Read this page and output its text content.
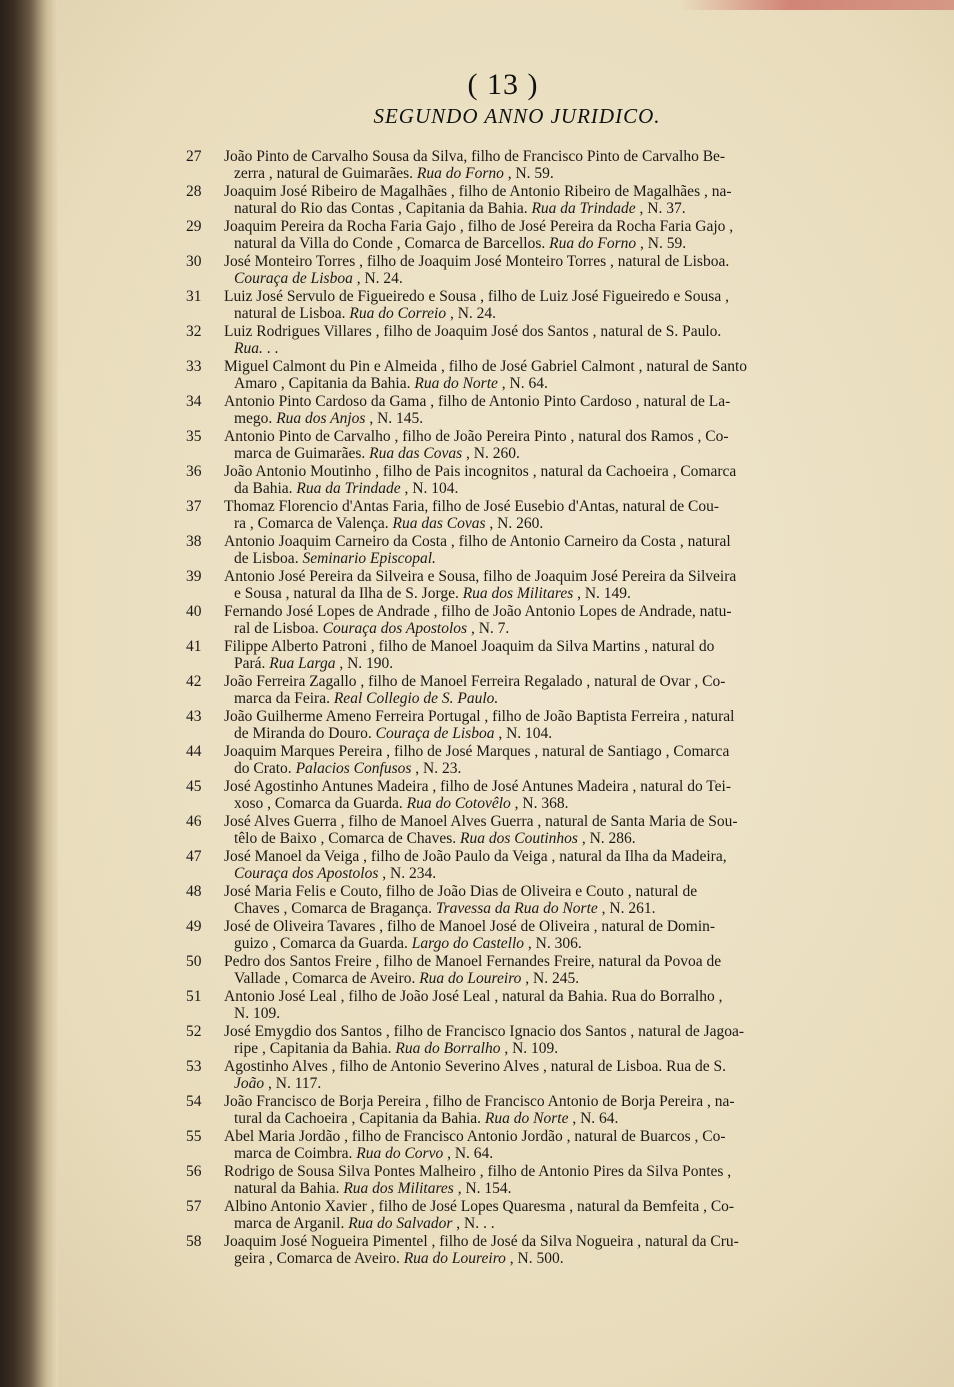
( 13 )
SEGUNDO ANNO JURIDICO.
27	João Pinto de Carvalho Sousa da Silva, filho de Francisco Pinto de Carvalho Be-
zerra , natural de Guimarães. Rua do Forno , N. 59.
28	Joaquim José Ribeiro de Magalhães , filho de Antonio Ribeiro de Magalhães , na-
natural do Rio das Contas , Capitania da Bahia. Rua da Trindade , N. 37.
29	Joaquim Pereira da Rocha Faria Gajo , filho de José Pereira da Rocha Faria Gajo ,
natural da Villa do Conde , Comarca de Barcellos. Rua do Forno , N. 59.
30	José Monteiro Torres , filho de Joaquim José Monteiro Torres , natural de Lisboa.
Couraça de Lisboa , N. 24.
31	Luiz José Servulo de Figueiredo e Sousa , filho de Luiz José Figueiredo e Sousa ,
natural de Lisboa. Rua do Correio , N. 24.
32	Luiz Rodrigues Villares , filho de Joaquim José dos Santos , natural de S. Paulo.
Rua. . .
33	Miguel Calmont du Pin e Almeida , filho de José Gabriel Calmont , natural de Santo
Amaro , Capitania da Bahia. Rua do Norte , N. 64.
34	Antonio Pinto Cardoso da Gama , filho de Antonio Pinto Cardoso , natural de La-
mego. Rua dos Anjos , N. 145.
35	Antonio Pinto de Carvalho , filho de João Pereira Pinto , natural dos Ramos , Co-
marca de Guimarães. Rua das Covas , N. 260.
36	João Antonio Moutinho , filho de Pais incognitos , natural da Cachoeira , Comarca
da Bahia. Rua da Trindade , N. 104.
37	Thomaz Florencio d'Antas Faria, filho de José Eusebio d'Antas, natural de Cou-
ra , Comarca de Valença. Rua das Covas , N. 260.
38	Antonio Joaquim Carneiro da Costa , filho de Antonio Carneiro da Costa , natural
de Lisboa. Seminario Episcopal.
39	Antonio José Pereira da Silveira e Sousa, filho de Joaquim José Pereira da Silveira
e Sousa , natural da Ilha de S. Jorge. Rua dos Militares , N. 149.
40	Fernando José Lopes de Andrade , filho de João Antonio Lopes de Andrade, natu-
ral de Lisboa. Couraça dos Apostolos , N. 7.
41	Filippe Alberto Patroni , filho de Manoel Joaquim da Silva Martins , natural do
Pará. Rua Larga , N. 190.
42	João Ferreira Zagallo , filho de Manoel Ferreira Regalado , natural de Ovar , Co-
marca da Feira. Real Collegio de S. Paulo.
43	João Guilherme Ameno Ferreira Portugal , filho de João Baptista Ferreira , natural
de Miranda do Douro. Couraça de Lisboa , N. 104.
44	Joaquim Marques Pereira , filho de José Marques , natural de Santiago , Comarca
do Crato. Palacios Confusos , N. 23.
45	José Agostinho Antunes Madeira , filho de José Antunes Madeira , natural do Tei-
xoso , Comarca da Guarda. Rua do Cotovêlo , N. 368.
46	José Alves Guerra , filho de Manoel Alves Guerra , natural de Santa Maria de Sou-
têlo de Baixo , Comarca de Chaves. Rua dos Coutinhos , N. 286.
47	José Manoel da Veiga , filho de João Paulo da Veiga , natural da Ilha da Madeira,
Couraça dos Apostolos , N. 234.
48	José Maria Felis e Couto, filho de João Dias de Oliveira e Couto , natural de
Chaves , Comarca de Bragança. Travessa da Rua do Norte , N. 261.
49	José de Oliveira Tavares , filho de Manoel José de Oliveira , natural de Domin-
guizo , Comarca da Guarda. Largo do Castello , N. 306.
50	Pedro dos Santos Freire , filho de Manoel Fernandes Freire, natural da Povoa de
Vallade , Comarca de Aveiro. Rua do Loureiro , N. 245.
51	Antonio José Leal , filho de João José Leal , natural da Bahia. Rua do Borralho ,
N. 109.
52	José Emygdio dos Santos , filho de Francisco Ignacio dos Santos , natural de Jagoa-
ripe , Capitania da Bahia. Rua do Borralho , N. 109.
53	Agostinho Alves , filho de Antonio Severino Alves , natural de Lisboa. Rua de S.
João , N. 117.
54	João Francisco de Borja Pereira , filho de Francisco Antonio de Borja Pereira , na-
tural da Cachoeira , Capitania da Bahia. Rua do Norte , N. 64.
55	Abel Maria Jordão , filho de Francisco Antonio Jordão , natural de Buarcos , Co-
marca de Coimbra. Rua do Corvo , N. 64.
56	Rodrigo de Sousa Silva Pontes Malheiro , filho de Antonio Pires da Silva Pontes ,
natural da Bahia. Rua dos Militares , N. 154.
57	Albino Antonio Xavier , filho de José Lopes Quaresma , natural da Bemfeita , Co-
marca de Arganil. Rua do Salvador , N. . .
58	Joaquim José Nogueira Pimentel , filho de José da Silva Nogueira , natural da Cru-
geira , Comarca de Aveiro. Rua do Loureiro , N. 500.
